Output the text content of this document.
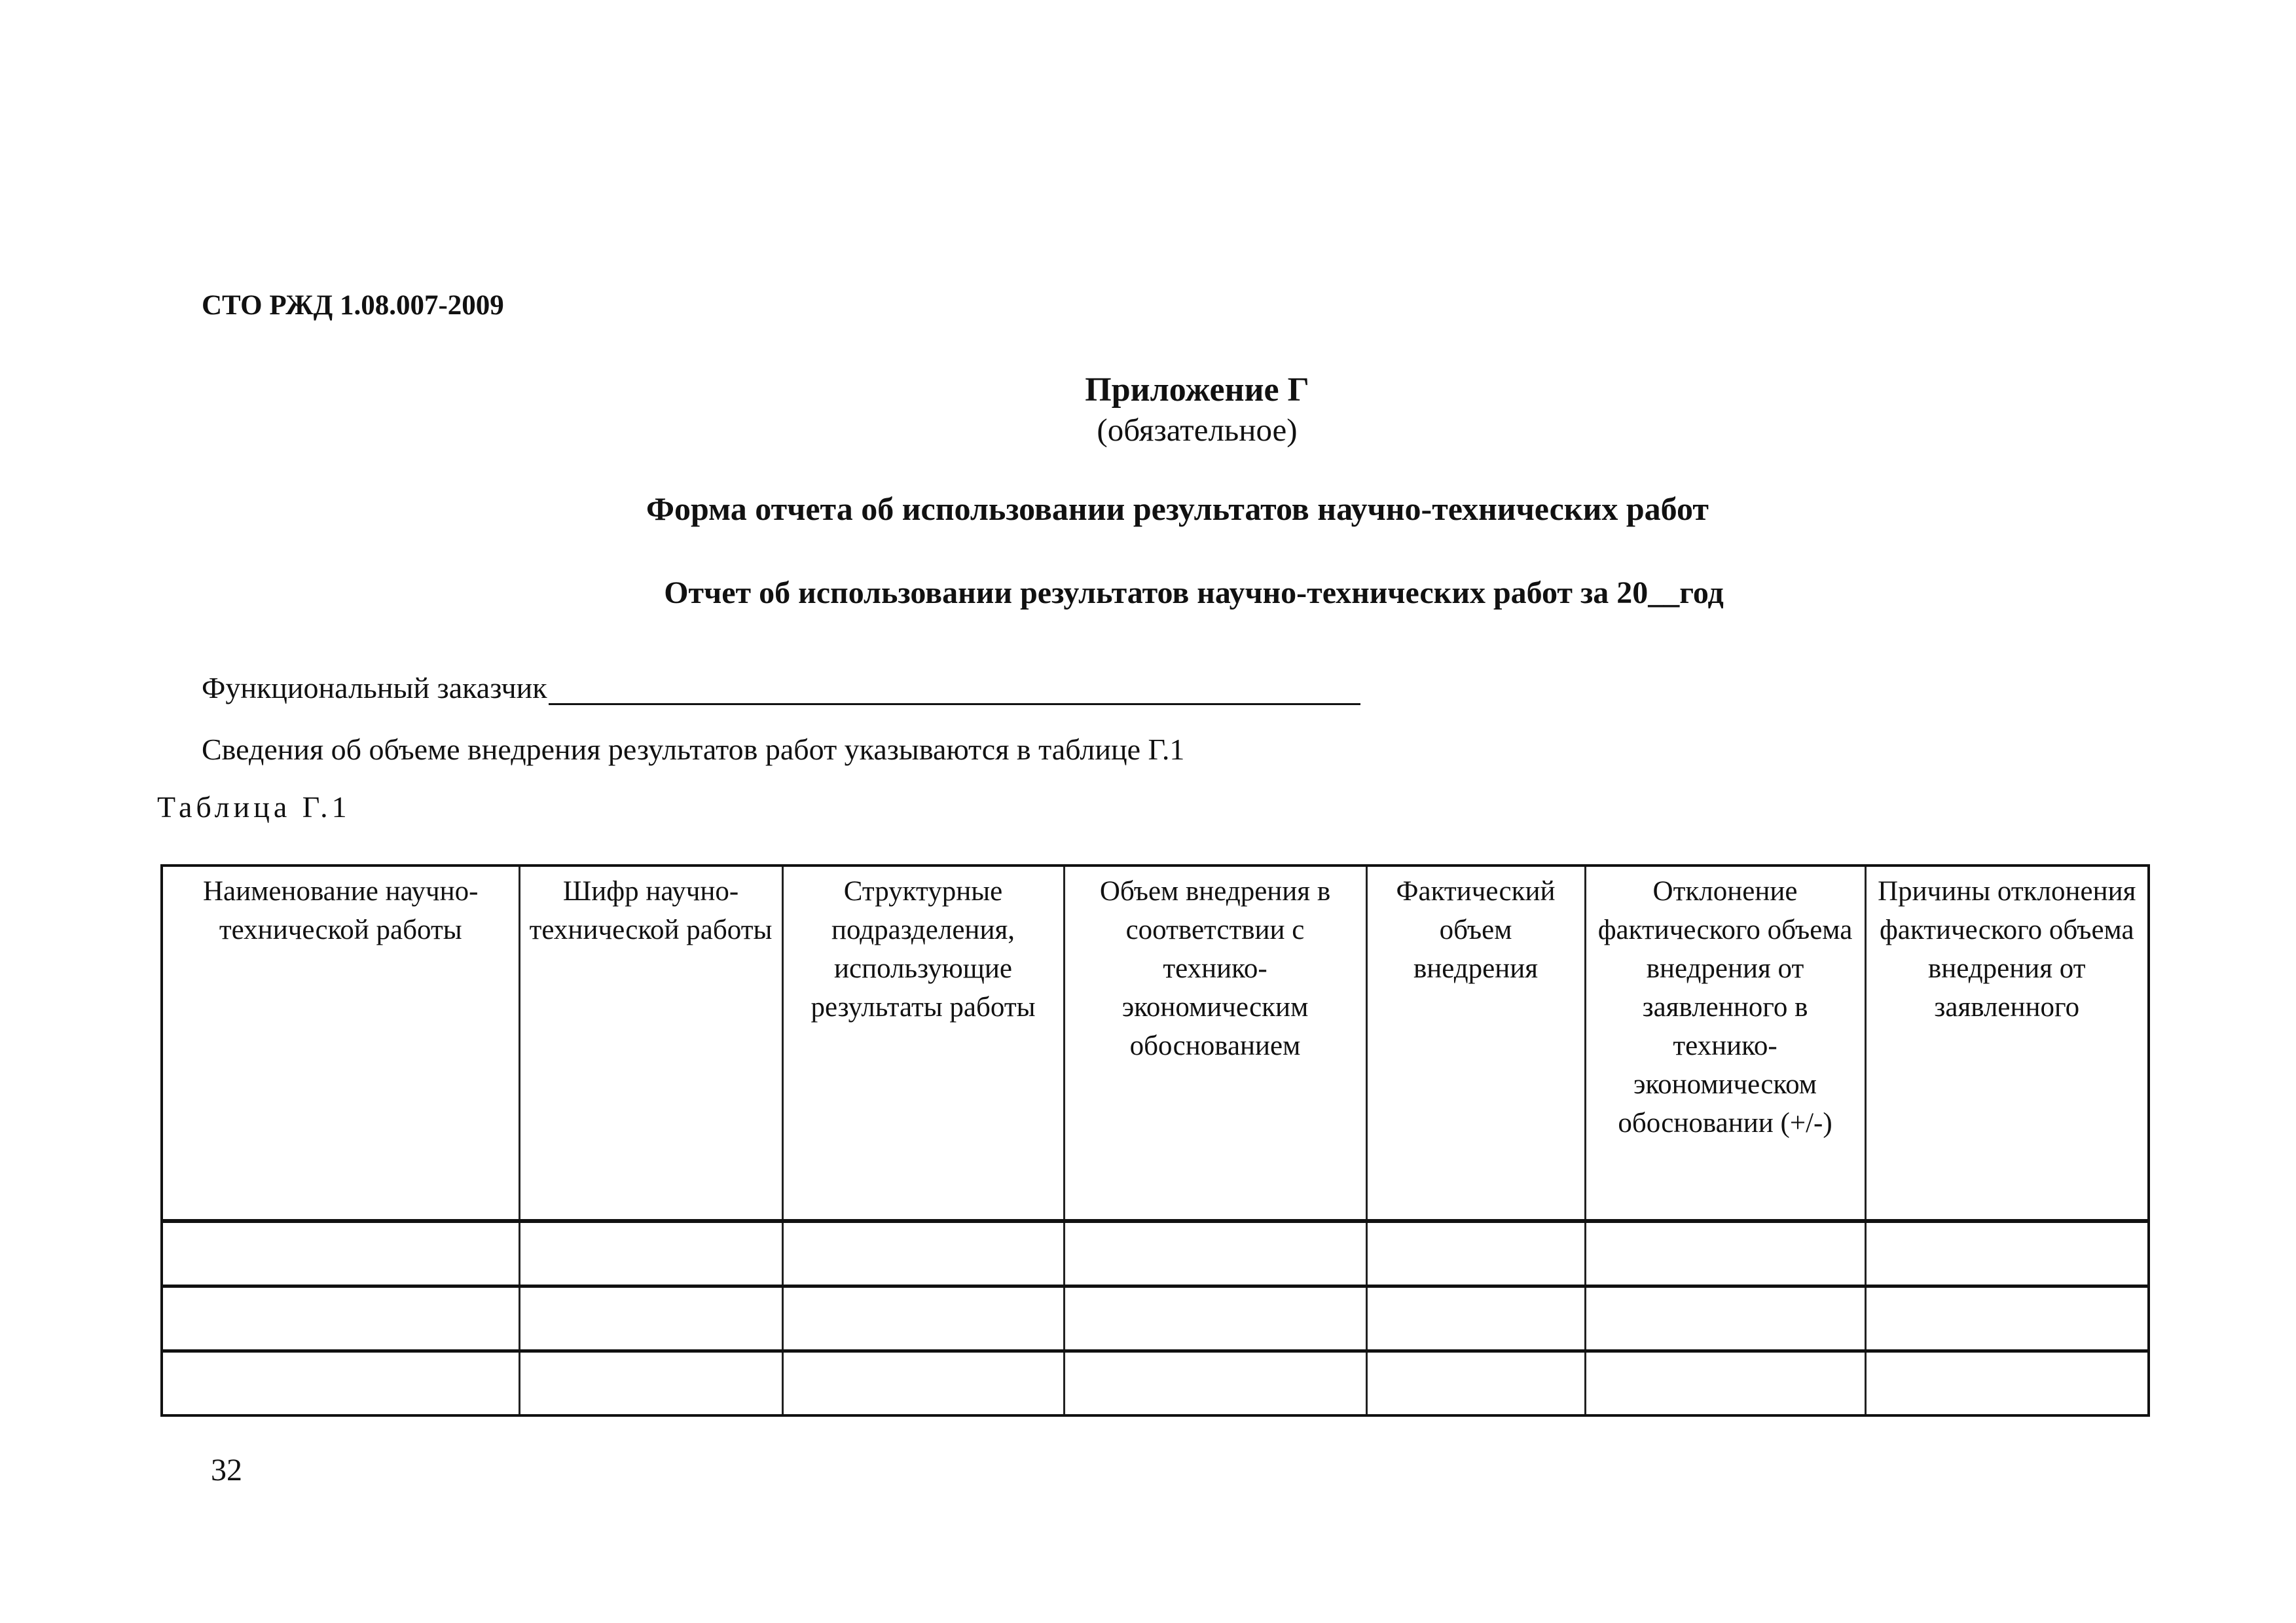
СТО РЖД 1.08.007-2009
Приложение Г
(обязательное)
Форма отчета об использовании результатов научно-технических работ
Отчет об использовании результатов научно-технических работ за 20__год
Функциональный заказчик
Сведения об объеме внедрения результатов работ указываются в таблице Г.1
Таблица Г.1
Наименование научно-технической работы	Шифр научно-технической работы	Структурные подразделения, использующие результаты работы	Объем внедрения в соответствии с технико-экономическим обоснованием	Фактический объем внедрения	Отклонение фактического объема внедрения от заявленного в технико-экономическом обосновании (+/-)	Причины отклонения фактического объема внедрения от заявленного

32
